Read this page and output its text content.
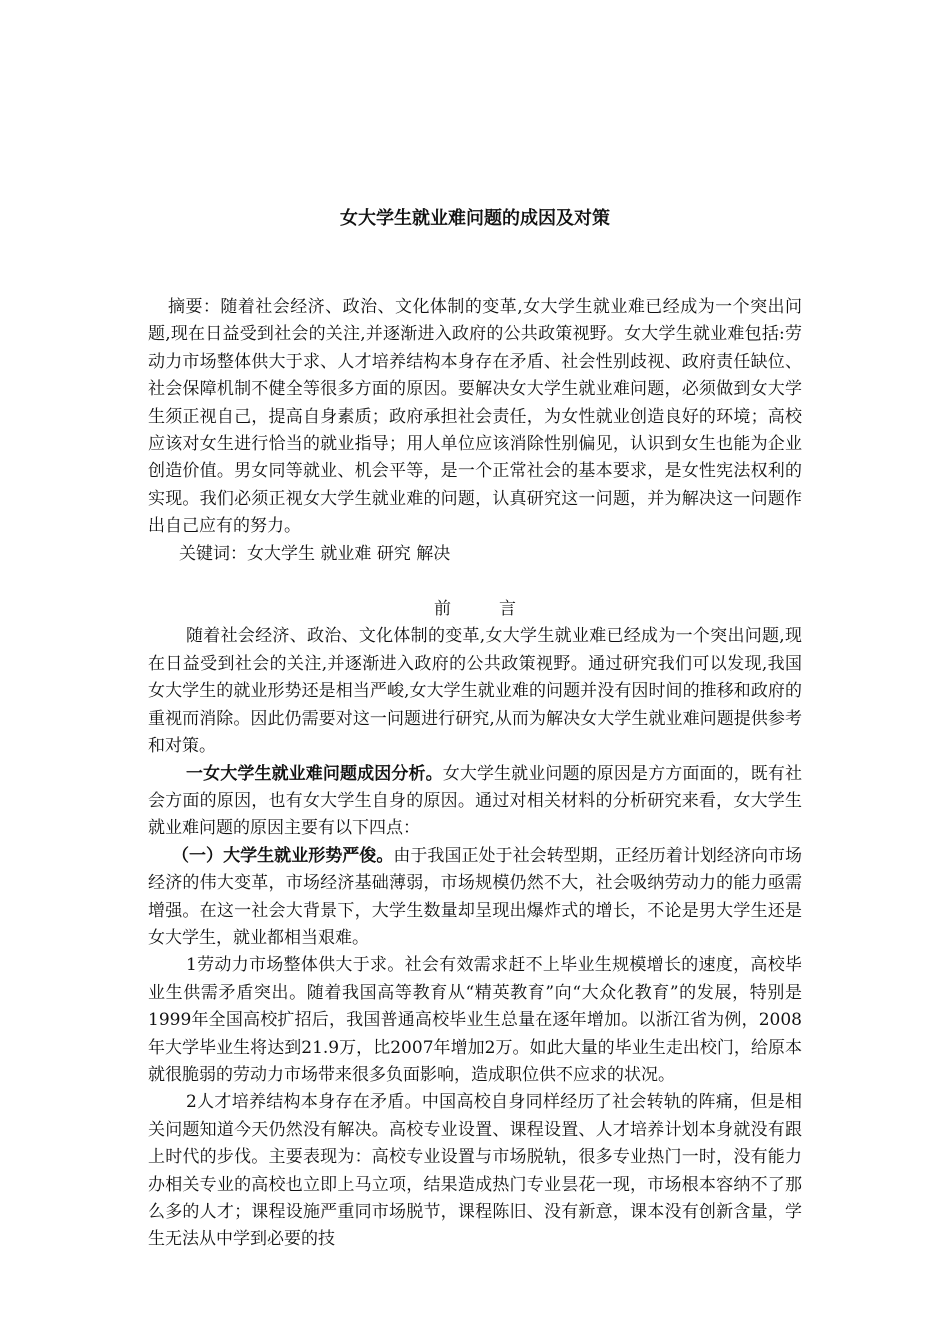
女大学生就业难问题的成因及对策

摘要：随着社会经济、政治、文化体制的变革,女大学生就业难已经成为一个突出问题,现在日益受到社会的关注,并逐渐进入政府的公共政策视野。女大学生就业难包括:劳动力市场整体供大于求、人才培养结构本身存在矛盾、社会性别歧视、政府责任缺位、社会保障机制不健全等很多方面的原因。要解决女大学生就业难问题，必须做到女大学生须正视自己，提高自身素质；政府承担社会责任，为女性就业创造良好的环境；高校应该对女生进行恰当的就业指导；用人单位应该消除性别偏见，认识到女生也能为企业创造价值。男女同等就业、机会平等，是一个正常社会的基本要求，是女性宪法权利的实现。我们必须正视女大学生就业难的问题，认真研究这一问题，并为解决这一问题作出自己应有的努力。

关键词：女大学生 就业难 研究 解决

前	言

随着社会经济、政治、文化体制的变革,女大学生就业难已经成为一个突出问题,现在日益受到社会的关注,并逐渐进入政府的公共政策视野。通过研究我们可以发现,我国女大学生的就业形势还是相当严峻,女大学生就业难的问题并没有因时间的推移和政府的重视而消除。因此仍需要对这一问题进行研究,从而为解决女大学生就业难问题提供参考和对策。

一女大学生就业难问题成因分析。女大学生就业问题的原因是方方面面的，既有社会方面的原因，也有女大学生自身的原因。通过对相关材料的分析研究来看，女大学生就业难问题的原因主要有以下四点：

（一）大学生就业形势严俊。由于我国正处于社会转型期，正经历着计划经济向市场经济的伟大变革，市场经济基础薄弱，市场规模仍然不大，社会吸纳劳动力的能力亟需增强。在这一社会大背景下，大学生数量却呈现出爆炸式的增长，不论是男大学生还是女大学生，就业都相当艰难。

1劳动力市场整体供大于求。社会有效需求赶不上毕业生规模增长的速度，高校毕业生供需矛盾突出。随着我国高等教育从“精英教育”向“大众化教育”的发展，特别是1999年全国高校扩招后，我国普通高校毕业生总量在逐年增加。以浙江省为例，2008年大学毕业生将达到21.9万，比2007年增加2万。如此大量的毕业生走出校门，给原本就很脆弱的劳动力市场带来很多负面影响，造成职位供不应求的状况。

2人才培养结构本身存在矛盾。中国高校自身同样经历了社会转轨的阵痛，但是相关问题知道今天仍然没有解决。高校专业设置、课程设置、人才培养计划本身就没有跟上时代的步伐。主要表现为：高校专业设置与市场脱轨，很多专业热门一时，没有能力办相关专业的高校也立即上马立项，结果造成热门专业昙花一现，市场根本容纳不了那么多的人才；课程设施严重同市场脱节，课程陈旧、没有新意，课本没有创新含量，学生无法从中学到必要的技
